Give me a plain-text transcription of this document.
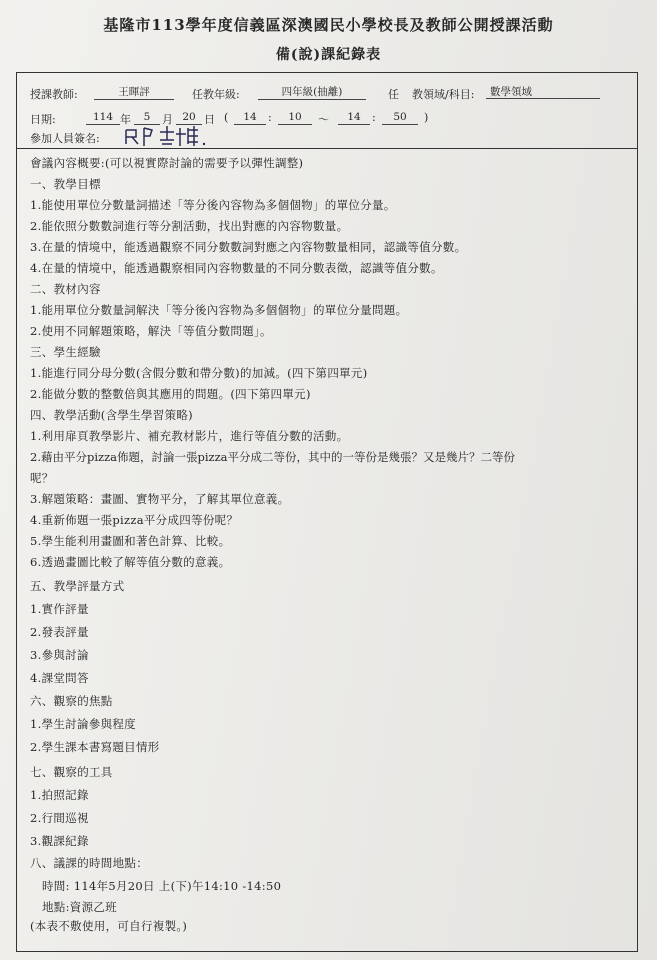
基隆市113學年度信義區深澳國民小學校長及教師公開授課活動
備(說)課紀錄表
授課教師:	王暉評	任教年級:	四年級(抽離)	任 教領域/科目:	數學領域
日期:	114 年	5	月 20 日 (	14	:	10	～	14	:	50	)
參加人員簽名:
會議內容概要:(可以視實際討論的需要予以彈性調整)
一、教學目標
1.能使用單位分數量詞描述「等分後內容物為多個個物」的單位分量。
2.能依照分數數詞進行等分割活動，找出對應的內容物數量。
3.在量的情境中，能透過觀察不同分數數詞對應之內容物數量相同，認識等值分數。
4.在量的情境中，能透過觀察相同內容物數量的不同分數表徵，認識等值分數。
二、教材內容
1.能用單位分數量詞解決「等分後內容物為多個個物」的單位分量問題。
2.使用不同解題策略，解決「等值分數問題」。
三、學生經驗
1.能進行同分母分數(含假分數和帶分數)的加減。(四下第四單元)
2.能做分數的整數倍與其應用的問題。(四下第四單元)
四、教學活動(含學生學習策略)
1.利用扉頁教學影片、補充教材影片，進行等值分數的活動。
2.藉由平分pizza佈題，討論一張pizza平分成二等份，其中的一等份是幾張？又是幾片？二等份
呢？
3.解題策略：畫圖、實物平分，了解其單位意義。
4.重新佈題一張pizza平分成四等份呢？
5.學生能利用畫圖和著色計算、比較。
6.透過畫圖比較了解等值分數的意義。
五、教學評量方式
1.實作評量
2.發表評量
3.參與討論
4.課堂問答
六、觀察的焦點
1.學生討論參與程度
2.學生課本書寫題目情形
七、觀察的工具
1.拍照記錄
2.行間巡視
3.觀課紀錄
八、議課的時間地點：
時間: 114年5月20日 上(下)午14:10 -14:50
地點:資源乙班
(本表不敷使用，可自行複製。)
